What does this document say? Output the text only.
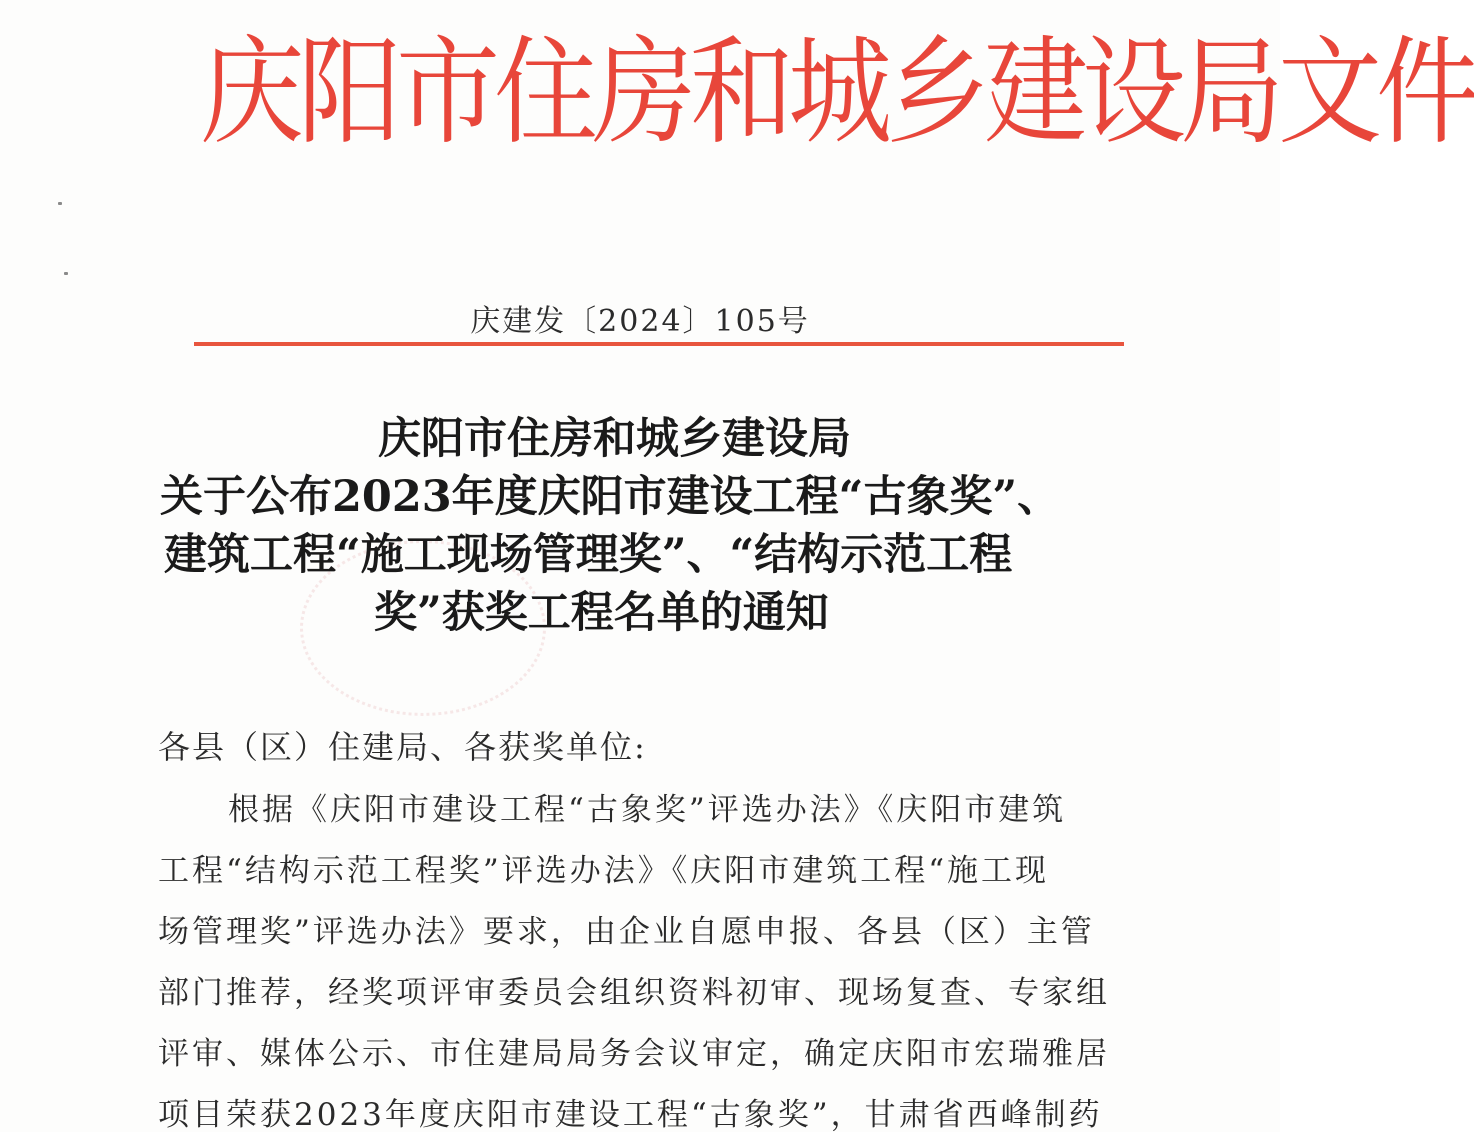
庆阳市住房和城乡建设局文件
庆建发〔2024〕105号
庆阳市住房和城乡建设局
关于公布2023年度庆阳市建设工程“古象奖”、
建筑工程“施工现场管理奖”、“结构示范工程
奖”获奖工程名单的通知
各县（区）住建局、各获奖单位:
根据《庆阳市建设工程“古象奖”评选办法》《庆阳市建筑
工程“结构示范工程奖”评选办法》《庆阳市建筑工程“施工现
场管理奖”评选办法》要求，由企业自愿申报、各县（区）主管
部门推荐，经奖项评审委员会组织资料初审、现场复查、专家组
评审、媒体公示、市住建局局务会议审定，确定庆阳市宏瑞雅居
项目荣获2023年度庆阳市建设工程“古象奖”，甘肃省西峰制药
